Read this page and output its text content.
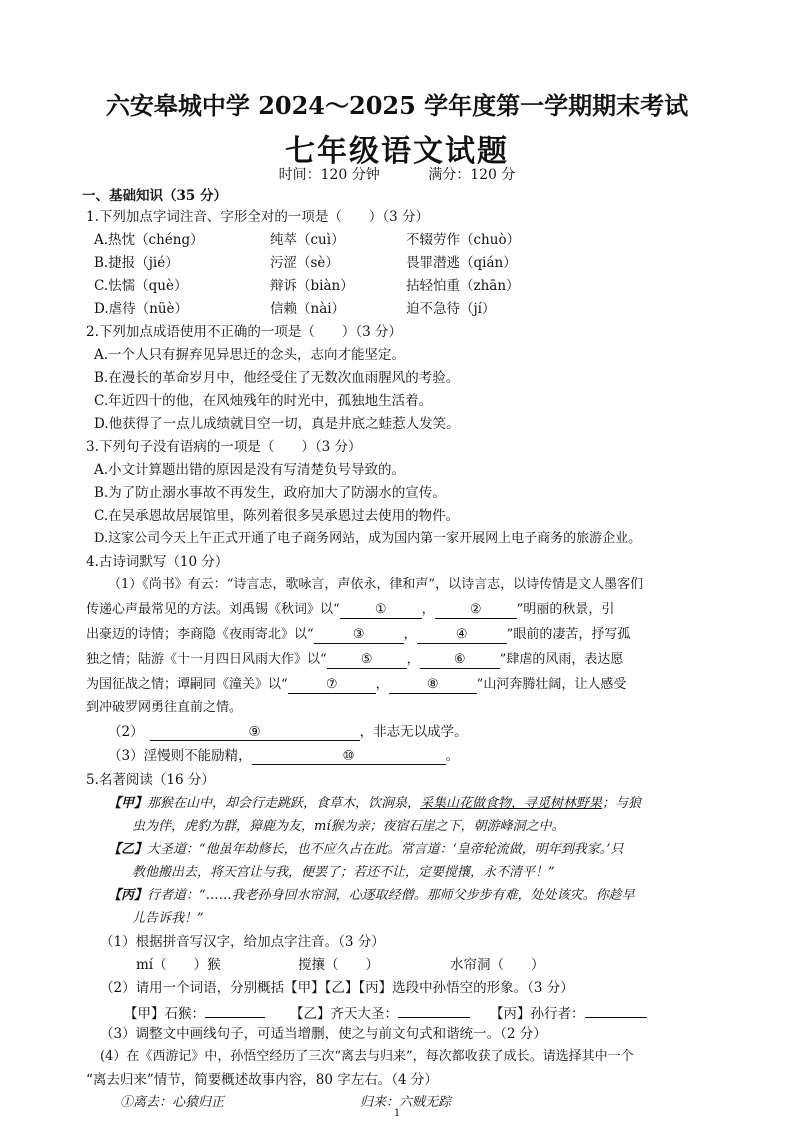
六安皋城中学 2024～2025 学年度第一学期期末考试
七年级语文试题
时间：120 分钟	满分：120 分
一、基础知识（35 分）
1.下列加点字词注音、字形全对的一项是（　　）（3 分）
A.热忱（chéng）	纯萃（cuì）	不辍劳作（chuò）
B.捷报（jié）	污涩（sè）	畏罪潜逃（qián）
C.怯懦（què）	辩诉（biàn）	拈轻怕重（zhān）
D.虐待（nüè）	信赖（nài）	迫不急待（jí）
2.下列加点成语使用不正确的一项是（　　）（3 分）
A.一个人只有摒弃见异思迁的念头，志向才能坚定。
B.在漫长的革命岁月中，他经受住了无数次血雨腥风的考验。
C.年近四十的他，在风烛残年的时光中，孤独地生活着。
D.他获得了一点儿成绩就目空一切，真是井底之蛙惹人发笑。
3.下列句子没有语病的一项是（　　）（3 分）
A.小文计算题出错的原因是没有写清楚负号导致的。
B.为了防止溺水事故不再发生，政府加大了防溺水的宣传。
C.在吴承恩故居展馆里，陈列着很多吴承恩过去使用的物件。
D.这家公司今天上午正式开通了电子商务网站，成为国内第一家开展网上电子商务的旅游企业。
4.古诗词默写（10 分）
（1）《尚书》有云：“诗言志，歌咏言，声依永，律和声”，以诗言志，以诗传情是文人墨客们
传递心声最常见的方法。刘禹锡《秋词》以“	①	，	②	”明丽的秋景，引
出豪迈的诗情；李商隐《夜雨寄北》以“	③	，	④	”眼前的凄苦，抒写孤
独之情；陆游《十一月四日风雨大作》以“	⑤	，	⑥	”肆虐的风雨，表达愿
为国征战之情；谭嗣同《潼关》以“	⑦	，	⑧	”山河奔腾壮阔，让人感受
到冲破罗网勇往直前之情。
（2）	⑨	，非志无以成学。
（3）淫慢则不能励精，	⑩	。
5.名著阅读（16 分）
【甲】那猴在山中，却会行走跳跃，食草木，饮涧泉，采集山花做食物，寻觅树林野果；与狼
虫为伴，虎豹为群，獐鹿为友，mí猴为亲；夜宿石崖之下，朝游峰洞之中。
【乙】大圣道：“他虽年劫修长，也不应久占在此。常言道：‘皇帝轮流做，明年到我家。’只
教他搬出去，将天宫让与我，便罢了；若还不让，定要搅攘，永不清平！”
【丙】行者道：“……我老孙身回水帘洞，心逐取经僧。那师父步步有难，处处该灾。你趁早
儿告诉我！”
（1）根据拼音写汉字，给加点字注音。（3 分）
mí（　　）猴	搅攘（　　）	水帘洞（　　）
（2）请用一个词语，分别概括【甲】【乙】【丙】选段中孙悟空的形象。（3 分）
【甲】石猴：	【乙】齐天大圣：	【丙】孙行者：
（3）调整文中画线句子，可适当增删，使之与前文句式和谐统一。（2 分）
(4）在《西游记》中，孙悟空经历了三次“离去与归来”，每次都收获了成长。请选择其中一个
“离去归来”情节，简要概述故事内容，80 字左右。（4 分）
①离去：心猿归正	归来：六贼无踪
1
